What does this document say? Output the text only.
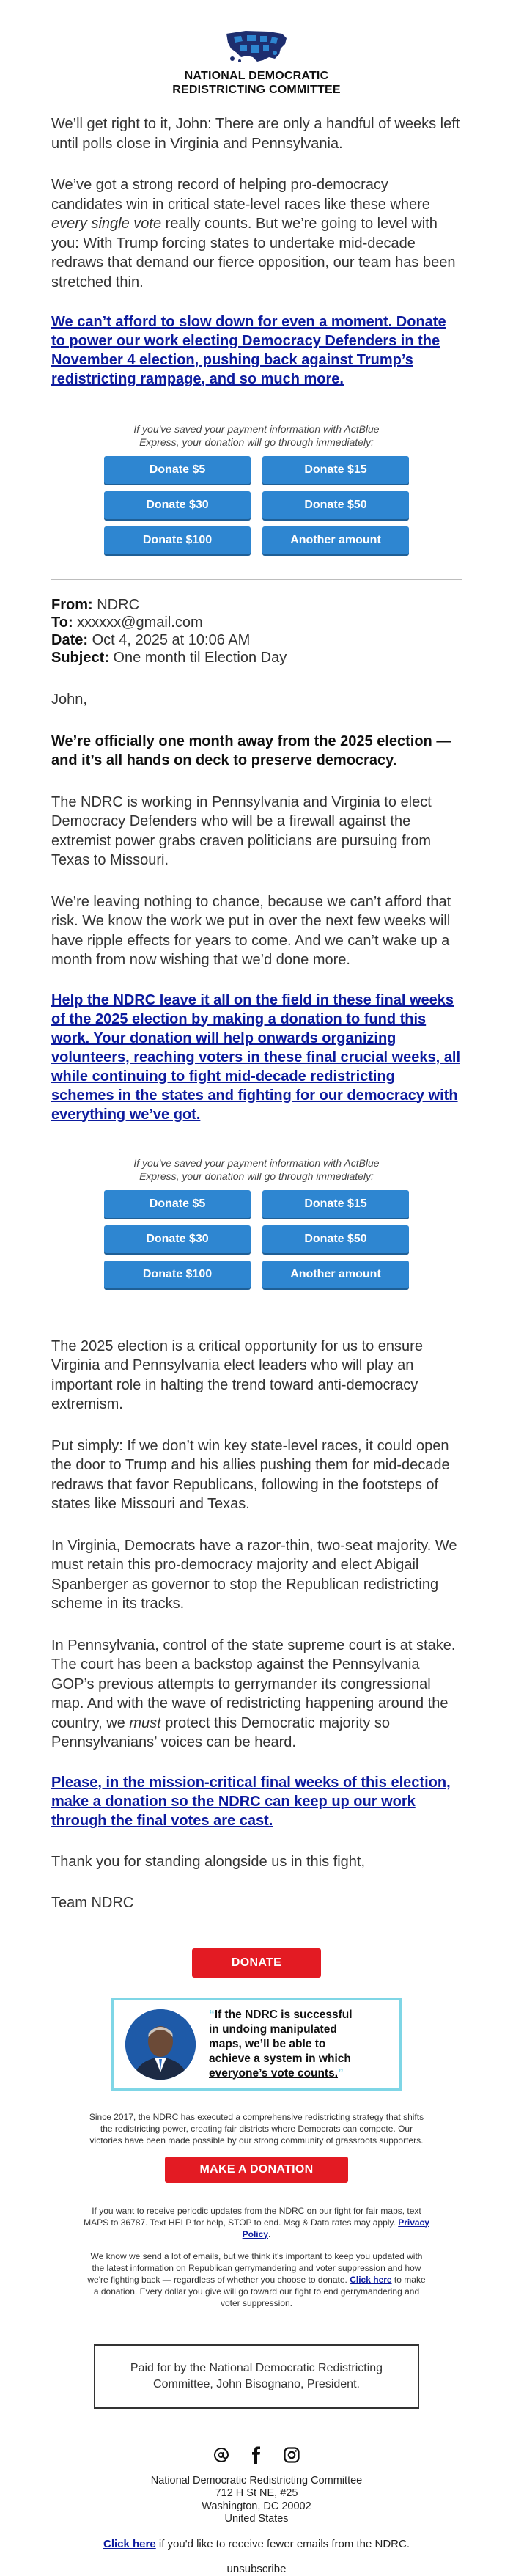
NATIONAL DEMOCRATIC
REDISTRICTING COMMITTEE

We’ll get right to it, John: There are only a handful of weeks left until polls close in Virginia and Pennsylvania.

We’ve got a strong record of helping pro-democracy candidates win in critical state-level races like these where every single vote really counts. But we’re going to level with you: With Trump forcing states to undertake mid-decade redraws that demand our fierce opposition, our team has been stretched thin.

We can’t afford to slow down for even a moment. Donate to power our work electing Democracy Defenders in the November 4 election, pushing back against Trump’s redistricting rampage, and so much more.
If you've saved your payment information with ActBlue
Express, your donation will go through immediately:
Donate $5	Donate $15
Donate $30	Donate $50
Donate $100	Another amount

From: NDRC

To: xxxxxx@gmail.com

Date: Oct 4, 2025 at 10:06 AM

Subject: One month til Election Day

John,

We’re officially one month away from the 2025 election — and it’s all hands on deck to preserve democracy.

The NDRC is working in Pennsylvania and Virginia to elect Democracy Defenders who will be a firewall against the extremist power grabs craven politicians are pursuing from Texas to Missouri.

We’re leaving nothing to chance, because we can’t afford that risk. We know the work we put in over the next few weeks will have ripple effects for years to come. And we can’t wake up a month from now wishing that we’d done more.

Help the NDRC leave it all on the field in these final weeks of the 2025 election by making a donation to fund this work. Your donation will help onwards organizing volunteers, reaching voters in these final crucial weeks, all while continuing to fight mid-decade redistricting schemes in the states and fighting for our democracy with everything we’ve got.
If you've saved your payment information with ActBlue
Express, your donation will go through immediately:
Donate $5	Donate $15
Donate $30	Donate $50
Donate $100	Another amount

The 2025 election is a critical opportunity for us to ensure Virginia and Pennsylvania elect leaders who will play an important role in halting the trend toward anti-democracy extremism.

Put simply: If we don’t win key state-level races, it could open the door to Trump and his allies pushing them for mid-decade redraws that favor Republicans, following in the footsteps of states like Missouri and Texas.

In Virginia, Democrats have a razor-thin, two-seat majority. We must retain this pro-democracy majority and elect Abigail Spanberger as governor to stop the Republican redistricting scheme in its tracks.

In Pennsylvania, control of the state supreme court is at stake. The court has been a backstop against the Pennsylvania GOP’s previous attempts to gerrymander its congressional map. And with the wave of redistricting happening around the country, we must protect this Democratic majority so Pennsylvanians’ voices can be heard.

Please, in the mission-critical final weeks of this election, make a donation so the NDRC can keep up our work through the final votes are cast.

Thank you for standing alongside us in this fight,

Team NDRC

DONATE
“If the NDRC is successful
in undoing manipulated
maps, we’ll be able to
achieve a system in which
everyone’s vote counts.”
Since 2017, the NDRC has executed a comprehensive redistricting strategy that shifts
the redistricting power, creating fair districts where Democrats can compete. Our
victories have been made possible by our strong community of grassroots supporters.
MAKE A DONATION
If you want to receive periodic updates from the NDRC on our fight for fair maps, text
MAPS to 36787. Text HELP for help, STOP to end. Msg & Data rates may apply. Privacy
Policy.
We know we send a lot of emails, but we think it's important to keep you updated with
the latest information on Republican gerrymandering and voter suppression and how
we're fighting back — regardless of whether you choose to donate. Click here to make
a donation. Every dollar you give will go toward our fight to end gerrymandering and
voter suppression.
Paid for by the National Democratic Redistricting
Committee, John Bisognano, President.
National Democratic Redistricting Committee
712 H St NE, #25
Washington, DC 20002
United States
Click here if you'd like to receive fewer emails from the NDRC.
unsubscribe
